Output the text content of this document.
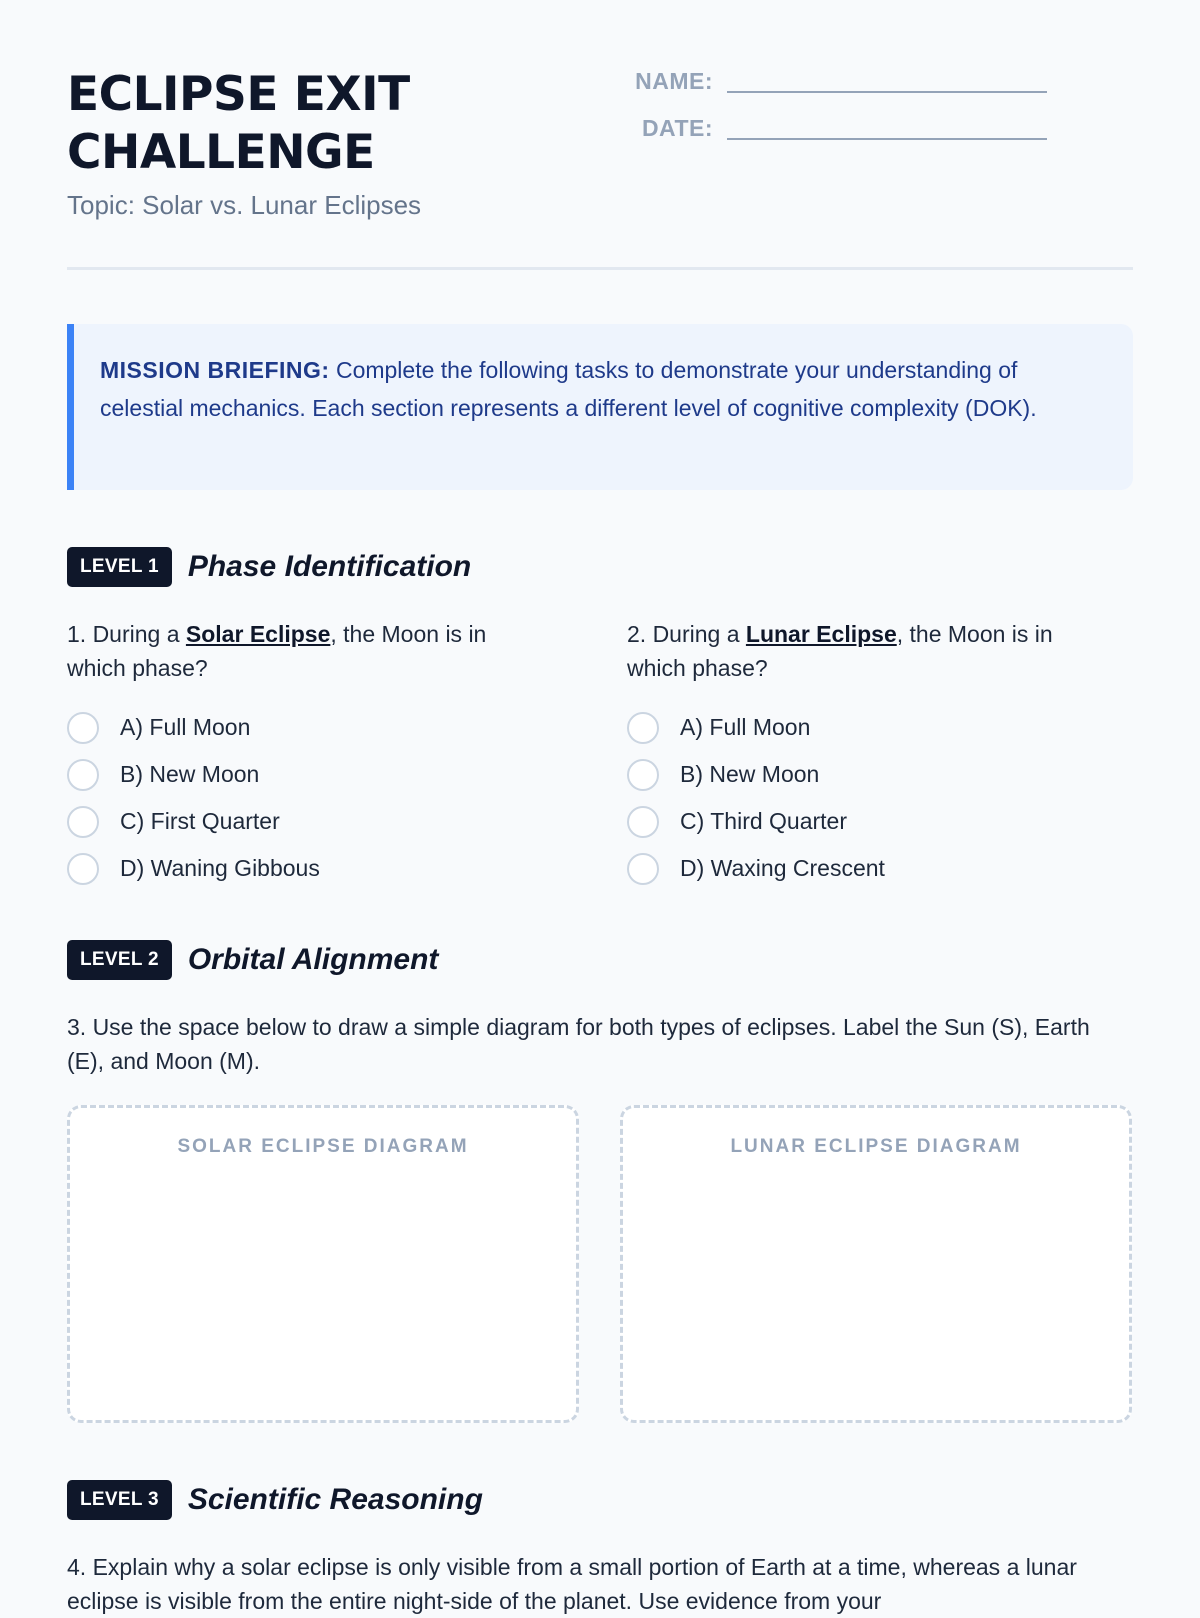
ECLIPSE EXIT
CHALLENGE
Topic: Solar vs. Lunar Eclipses
NAME:
DATE:
MISSION BRIEFING: Complete the following tasks to demonstrate your understanding of celestial mechanics. Each section represents a different level of cognitive complexity (DOK).
LEVEL 1 Phase Identification
1. During a Solar Eclipse, the Moon is in which phase?
A) Full Moon
B) New Moon
C) First Quarter
D) Waning Gibbous
2. During a Lunar Eclipse, the Moon is in which phase?
A) Full Moon
B) New Moon
C) Third Quarter
D) Waxing Crescent
LEVEL 2 Orbital Alignment
3. Use the space below to draw a simple diagram for both types of eclipses. Label the Sun (S), Earth (E), and Moon (M).
SOLAR ECLIPSE DIAGRAM	LUNAR ECLIPSE DIAGRAM
LEVEL 3 Scientific Reasoning
4. Explain why a solar eclipse is only visible from a small portion of Earth at a time, whereas a lunar eclipse is visible from the entire night-side of the planet. Use evidence from your
